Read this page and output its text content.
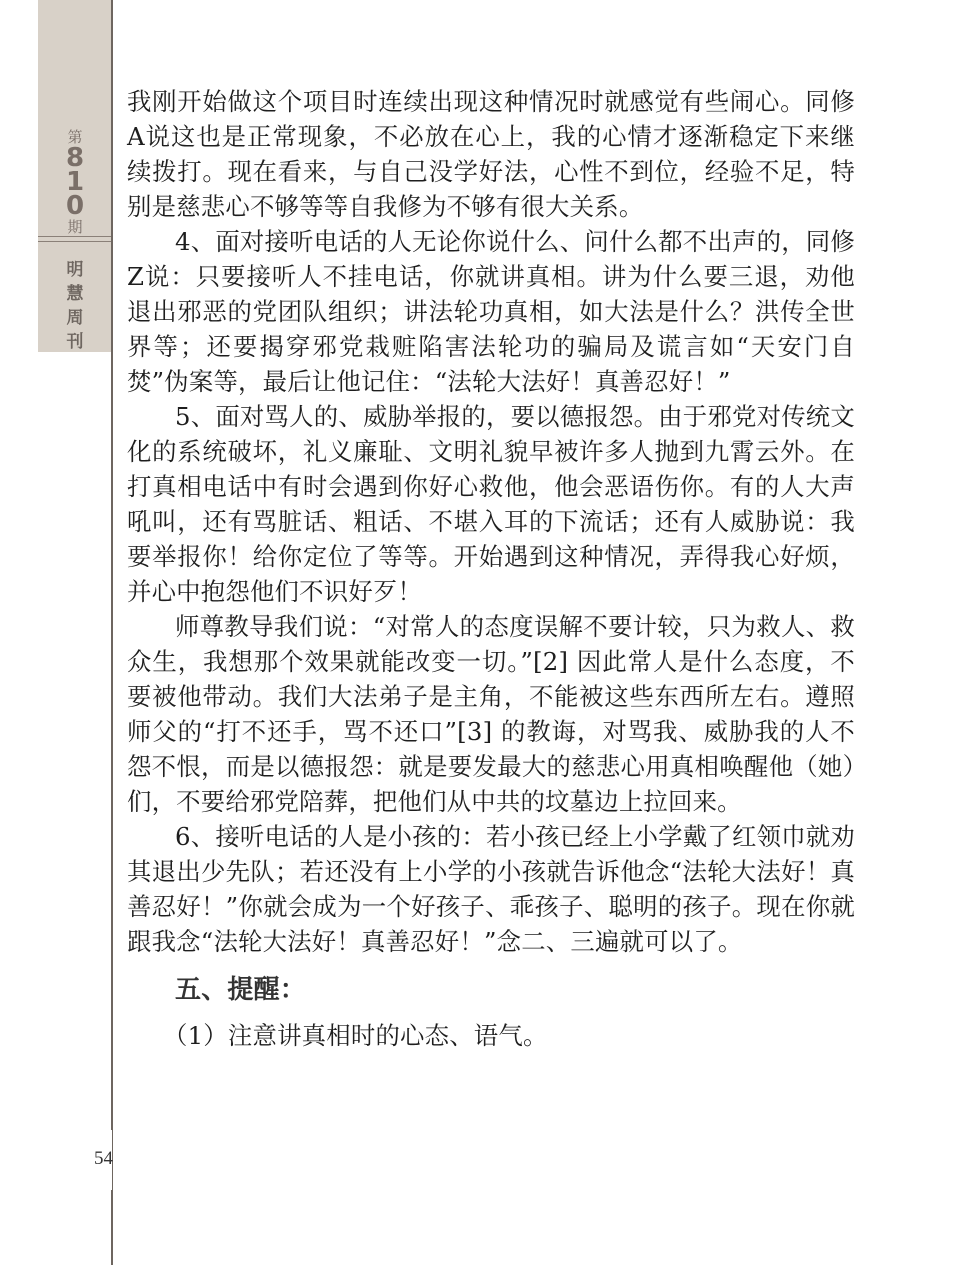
第
8
1
0
期
明
慧
周
刊
54

我刚开始做这个项目时连续出现这种情况时就感觉有些闹心。同修A说这也是正常现象，不必放在心上，我的心情才逐渐稳定下来继续拨打。现在看来，与自己没学好法，心性不到位，经验不足，特别是慈悲心不够等等自我修为不够有很大关系。

4、面对接听电话的人无论你说什么、问什么都不出声的，同修Z说：只要接听人不挂电话，你就讲真相。讲为什么要三退，劝他退出邪恶的党团队组织；讲法轮功真相，如大法是什么？洪传全世界等；还要揭穿邪党栽赃陷害法轮功的骗局及谎言如“天安门自焚”伪案等，最后让他记住：“法轮大法好！真善忍好！”

5、面对骂人的、威胁举报的，要以德报怨。由于邪党对传统文化的系统破坏，礼义廉耻、文明礼貌早被许多人抛到九霄云外。在打真相电话中有时会遇到你好心救他，他会恶语伤你。有的人大声吼叫，还有骂脏话、粗话、不堪入耳的下流话；还有人威胁说：我要举报你！给你定位了等等。开始遇到这种情况，弄得我心好烦，并心中抱怨他们不识好歹！

师尊教导我们说：“对常人的态度误解不要计较，只为救人、救众生，我想那个效果就能改变一切。”[2] 因此常人是什么态度，不要被他带动。我们大法弟子是主角，不能被这些东西所左右。遵照师父的“打不还手，骂不还口”[3] 的教诲，对骂我、威胁我的人不怨不恨，而是以德报怨：就是要发最大的慈悲心用真相唤醒他（她）们，不要给邪党陪葬，把他们从中共的坟墓边上拉回来。

6、接听电话的人是小孩的：若小孩已经上小学戴了红领巾就劝其退出少先队；若还没有上小学的小孩就告诉他念“法轮大法好！真善忍好！”你就会成为一个好孩子、乖孩子、聪明的孩子。现在你就跟我念“法轮大法好！真善忍好！”念二、三遍就可以了。

五、提醒：

（1）注意讲真相时的心态、语气。
